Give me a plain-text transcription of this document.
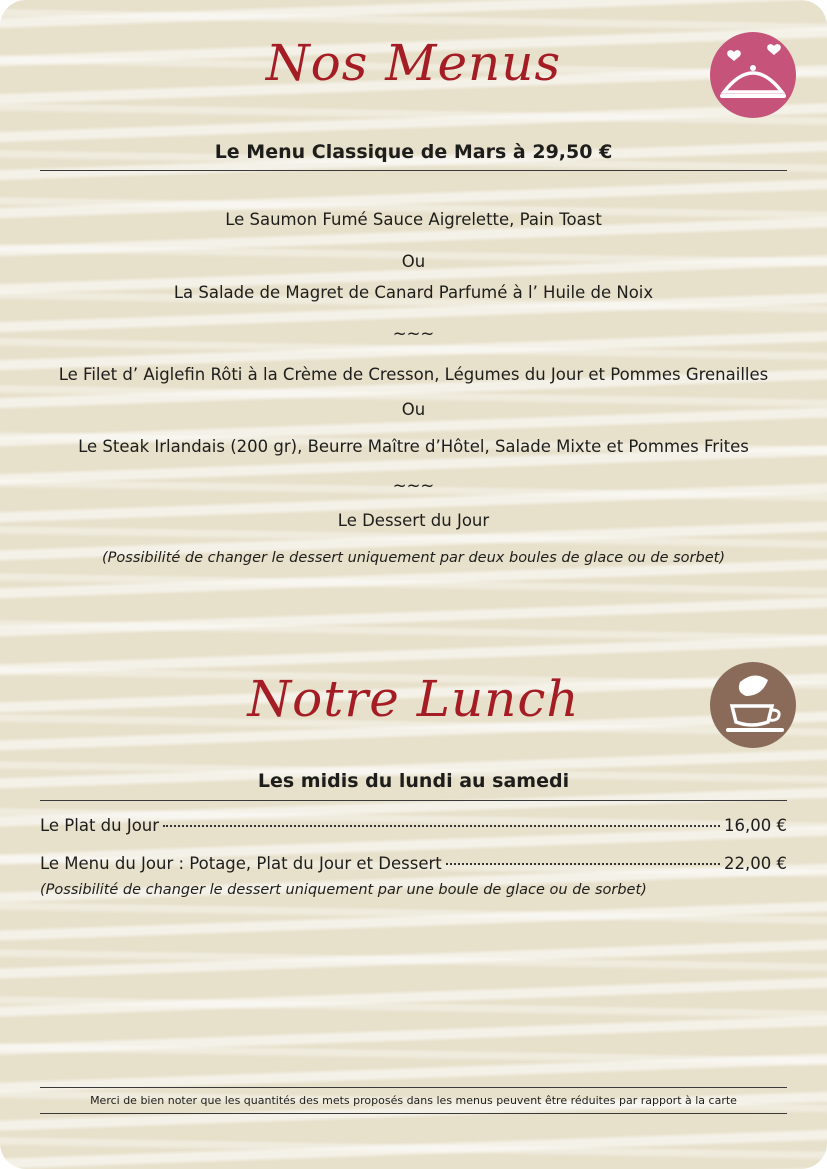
Nos Menus
Le Menu Classique de Mars à 29,50 €
Le Saumon Fumé Sauce Aigrelette, Pain Toast
Ou
La Salade de Magret de Canard Parfumé à l’ Huile de Noix
~~~
Le Filet d’ Aiglefin Rôti à la Crème de Cresson, Légumes du Jour et Pommes Grenailles
Ou
Le Steak Irlandais (200 gr), Beurre Maître d’Hôtel, Salade Mixte et Pommes Frites
~~~
Le Dessert du Jour
(Possibilité de changer le dessert uniquement par deux boules de glace ou de sorbet)
Notre Lunch
Les midis du lundi au samedi
Le Plat du Jour	16,00 €
Le Menu du Jour : Potage, Plat du Jour et Dessert	22,00 €
(Possibilité de changer le dessert uniquement par une boule de glace ou de sorbet)
Merci de bien noter que les quantités des mets proposés dans les menus peuvent être réduites par rapport à la carte
